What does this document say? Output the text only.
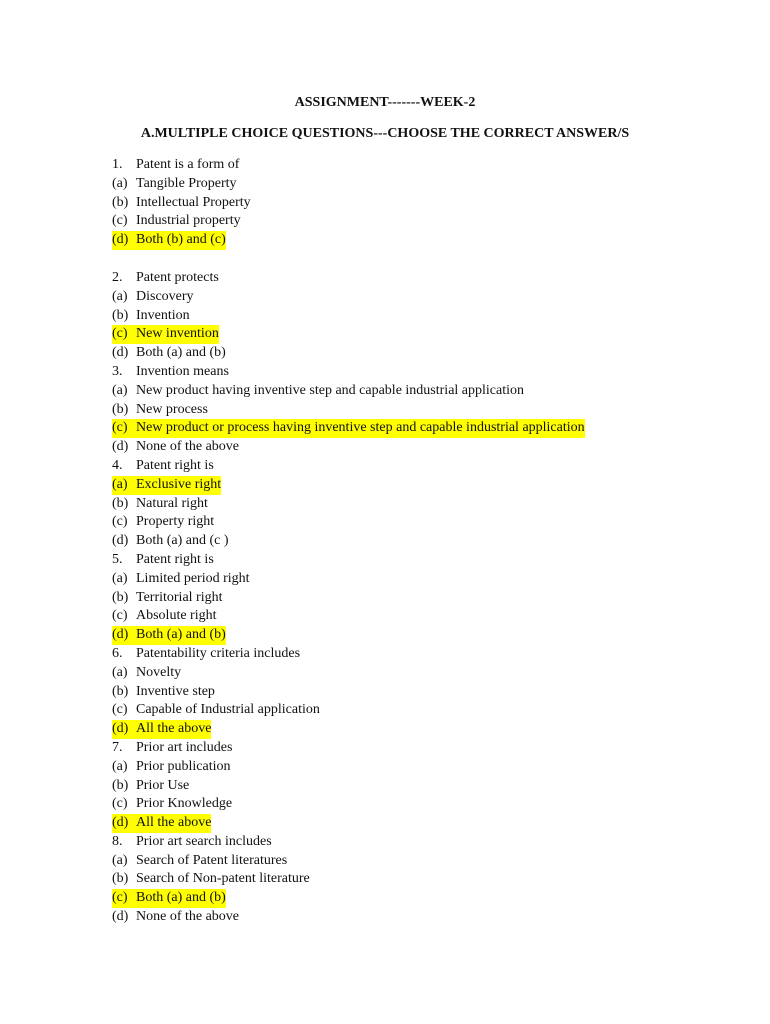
ASSIGNMENT-------WEEK-2
A.MULTIPLE CHOICE QUESTIONS---CHOOSE THE CORRECT ANSWER/S
1. Patent is a form of
(a) Tangible Property
(b) Intellectual Property
(c) Industrial property
(d) Both (b) and (c)
2. Patent protects
(a) Discovery
(b) Invention
(c) New invention
(d) Both (a) and (b)
3. Invention means
(a) New product having inventive step and capable industrial application
(b) New process
(c) New product or process having inventive step and capable industrial application
(d) None of the above
4. Patent right is
(a) Exclusive right
(b) Natural right
(c) Property right
(d) Both (a) and (c )
5. Patent right is
(a) Limited period right
(b) Territorial right
(c) Absolute right
(d) Both (a) and (b)
6. Patentability criteria includes
(a) Novelty
(b) Inventive step
(c) Capable of Industrial application
(d) All the above
7. Prior art includes
(a) Prior publication
(b) Prior Use
(c) Prior Knowledge
(d) All the above
8. Prior art search includes
(a) Search of Patent literatures
(b) Search of Non-patent literature
(c) Both (a) and (b)
(d) None of the above
